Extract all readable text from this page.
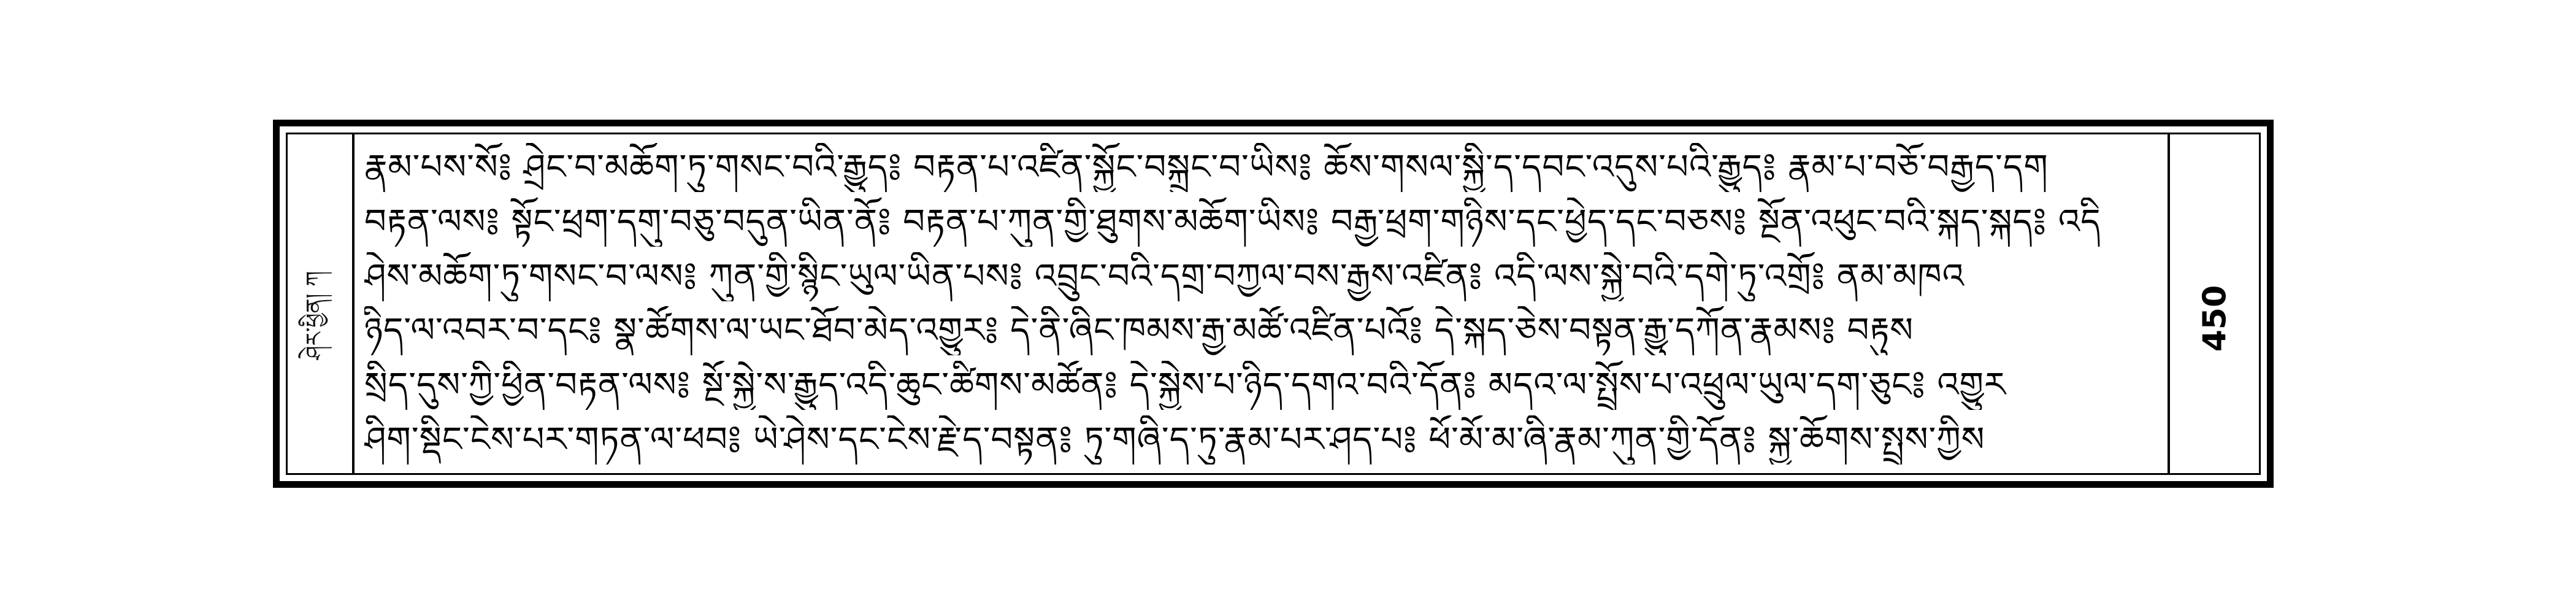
ཤེར་ཕྱིན། ཀ
རྣམ་པས་སོ༔ ཤྲེང་བ་མཆོག་ཏུ་གསང་བའི་རྒྱུད༔ བརྟན་པ་འཛིན་སྐྱོང་བསྐྲུང་བ་ཡིས༔ ཆོས་གསལ་སྐྱི་ད་དབང་འདུས་པའི་རྒྱུད༔ རྣམ་པ་བཅོ་བརྒྱད་དག
བརྟན་ལས༔ སྟོང་ཕྲག་དགུ་བཅུ་བདུན་ཡིན་ནོ༔ བརྟན་པ་ཀུན་གྱི་ཐུགས་མཆོག་ཡིས༔ བརྒྱ་ཕྲག་གཉིས་དང་ཕྱེད་དང་བཅས༔ སྔོན་འཕུང་བའི་སྐད་སྐད༔ འདི
ཤེས་མཆོག་ཏུ་གསང་བ་ལས༔ ཀུན་གྱི་སྙིང་ཡུལ་ཡིན་པས༔ འབྲུང་བའི་དགྲ་བཀྱལ་བས་རྒྱས་འཛིན༔ འདི་ལས་སྐྱེ་བའི་དགེ་ཏུ་འགྲོ༔ ནམ་མཁའ
ཉིད་ལ་འབར་བ་དང༔ སྣ་ཚོགས་ལ་ཡང་ཐོབ་མེད་འགྱུར༔ དེ་ནི་ཞིང་ཁམས་རྒྱ་མཚོ་འཛིན་པའོ༔ དེ་སྐད་ཅེས་བསྟན་རྒྱུ་དཀོན་རྣམས༔ བརྟུས
སྲིད་དུས་ཀྱི་ཕྱིན་བརྟན་ལས༔ སྔོ་སྐྱེ་ས་རྒྱུད་འདི་ཆུང་ཚིགས་མཚོན༔ དེ་སྐྱེས་པ་ཉིད་དགའ་བའི་དོན༔ མདའ་ལ་སྤྲོས་པ་འཕྲུལ་ཡུལ་དག་ཅུང༔ འགྱུར
ཤིག་སྡིང་ངེས་པར་གཏན་ལ་ཕབ༔ ཡེ་ཤེས་དང་ངེས་རྗེ་ད་བསྟན༔ ཏུ་གཞི་ད་ཏུ་རྣམ་པར་ཤད་པ༔ ཕོ་མོ་མ་ཞི་རྣམ་ཀུན་གྱི་དོན༔ སྐྱ་ཆོགས་སྤྲས་ཀྱིས
450
